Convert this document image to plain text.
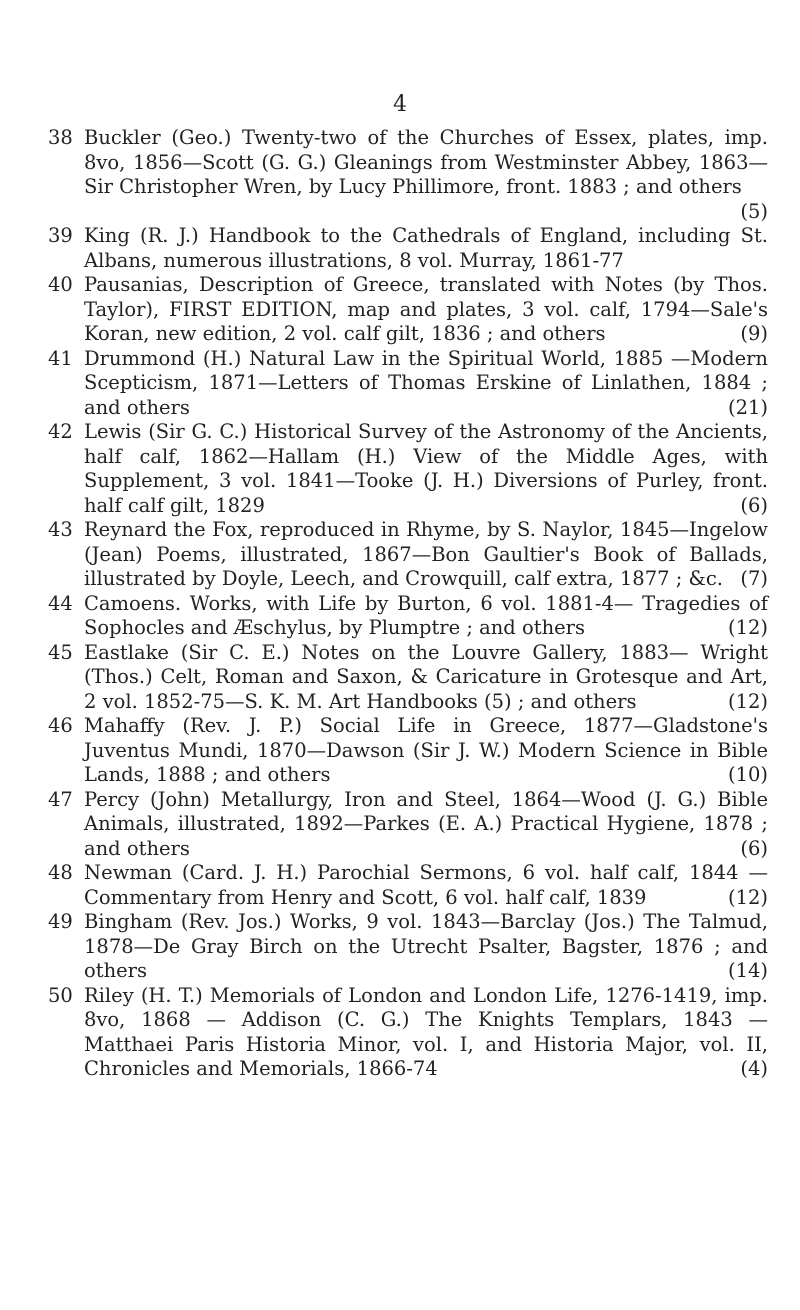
4
38 Buckler (Geo.) Twenty-two of the Churches of Essex, plates, imp. 8vo, 1856—Scott (G. G.) Gleanings from Westminster Abbey, 1863—Sir Christopher Wren, by Lucy Phillimore, front. 1883 ; and others
(5)
39 King (R. J.) Handbook to the Cathedrals of England, including St. Albans, numerous illustrations, 8 vol. Murray, 1861-77
40 Pausanias, Description of Greece, translated with Notes (by Thos. Taylor), FIRST EDITION, map and plates, 3 vol. calf, 1794—Sale's Koran, new edition, 2 vol. calf gilt, 1836 ; and others	(9)
41 Drummond (H.) Natural Law in the Spiritual World, 1885 —Modern Scepticism, 1871—Letters of Thomas Erskine of Linlathen, 1884 ; and others	(21)
42 Lewis (Sir G. C.) Historical Survey of the Astronomy of the Ancients, half calf, 1862—Hallam (H.) View of the Middle Ages, with Supplement, 3 vol. 1841—Tooke (J. H.) Diversions of Purley, front. half calf gilt, 1829	(6)
43 Reynard the Fox, reproduced in Rhyme, by S. Naylor, 1845—Ingelow (Jean) Poems, illustrated, 1867—Bon Gaultier's Book of Ballads, illustrated by Doyle, Leech, and Crowquill, calf extra, 1877 ; &c. (7)
44 Camoens. Works, with Life by Burton, 6 vol. 1881-4— Tragedies of Sophocles and Æschylus, by Plumptre ; and others	(12)
45 Eastlake (Sir C. E.) Notes on the Louvre Gallery, 1883— Wright (Thos.) Celt, Roman and Saxon, & Caricature in Grotesque and Art, 2 vol. 1852-75—S. K. M. Art Handbooks (5) ; and others	(12)
46 Mahaffy (Rev. J. P.) Social Life in Greece, 1877—Gladstone's Juventus Mundi, 1870—Dawson (Sir J. W.) Modern Science in Bible Lands, 1888 ; and others	(10)
47 Percy (John) Metallurgy, Iron and Steel, 1864—Wood (J. G.) Bible Animals, illustrated, 1892—Parkes (E. A.) Practical Hygiene, 1878 ; and others	(6)
48 Newman (Card. J. H.) Parochial Sermons, 6 vol. half calf, 1844 — Commentary from Henry and Scott, 6 vol. half calf, 1839	(12)
49 Bingham (Rev. Jos.) Works, 9 vol. 1843—Barclay (Jos.) The Talmud, 1878—De Gray Birch on the Utrecht Psalter, Bagster, 1876 ; and others	(14)
50 Riley (H. T.) Memorials of London and London Life, 1276-1419, imp. 8vo, 1868 — Addison (C. G.) The Knights Templars, 1843 — Matthaei Paris Historia Minor, vol. I, and Historia Major, vol. II, Chronicles and Memorials, 1866-74	(4)
